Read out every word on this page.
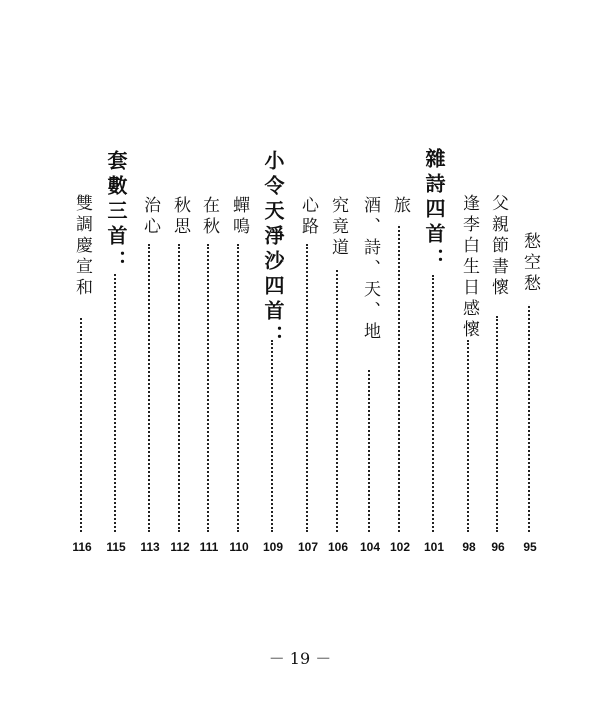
愁空愁
95
父親節書懷
96
逢李白生日感懷
98
雜詩四首：
101
旅
102
酒、詩、天、地
104
究竟道
106
心路
107
小令天淨沙四首：
109
蟬鳴
110
在秋
111
秋思
112
治心
113
套數三首：
115
雙調慶宣和
116
－ 19 －
